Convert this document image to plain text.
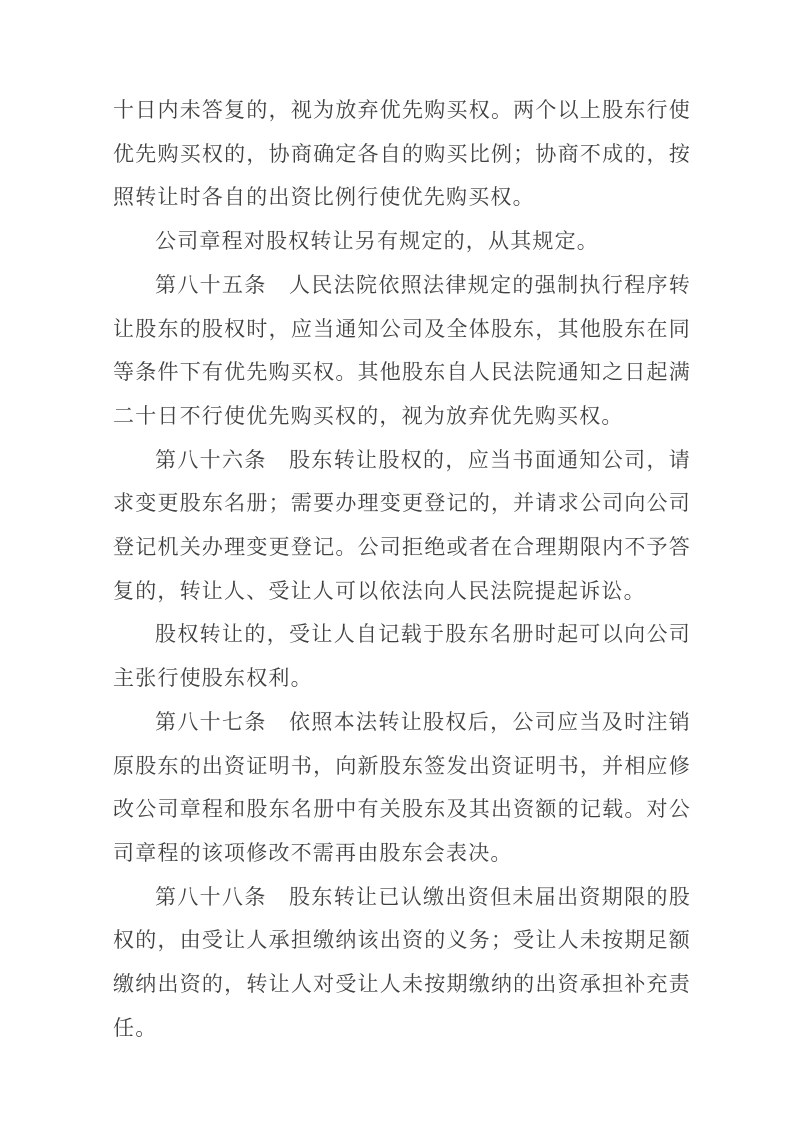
十日内未答复的，视为放弃优先购买权。两个以上股东行使优先购买权的，协商确定各自的购买比例；协商不成的，按照转让时各自的出资比例行使优先购买权。

公司章程对股权转让另有规定的，从其规定。

第八十五条　人民法院依照法律规定的强制执行程序转让股东的股权时，应当通知公司及全体股东，其他股东在同等条件下有优先购买权。其他股东自人民法院通知之日起满二十日不行使优先购买权的，视为放弃优先购买权。

第八十六条　股东转让股权的，应当书面通知公司，请求变更股东名册；需要办理变更登记的，并请求公司向公司登记机关办理变更登记。公司拒绝或者在合理期限内不予答复的，转让人、受让人可以依法向人民法院提起诉讼。

股权转让的，受让人自记载于股东名册时起可以向公司主张行使股东权利。

第八十七条　依照本法转让股权后，公司应当及时注销原股东的出资证明书，向新股东签发出资证明书，并相应修改公司章程和股东名册中有关股东及其出资额的记载。对公司章程的该项修改不需再由股东会表决。

第八十八条　股东转让已认缴出资但未届出资期限的股权的，由受让人承担缴纳该出资的义务；受让人未按期足额缴纳出资的，转让人对受让人未按期缴纳的出资承担补充责任。
